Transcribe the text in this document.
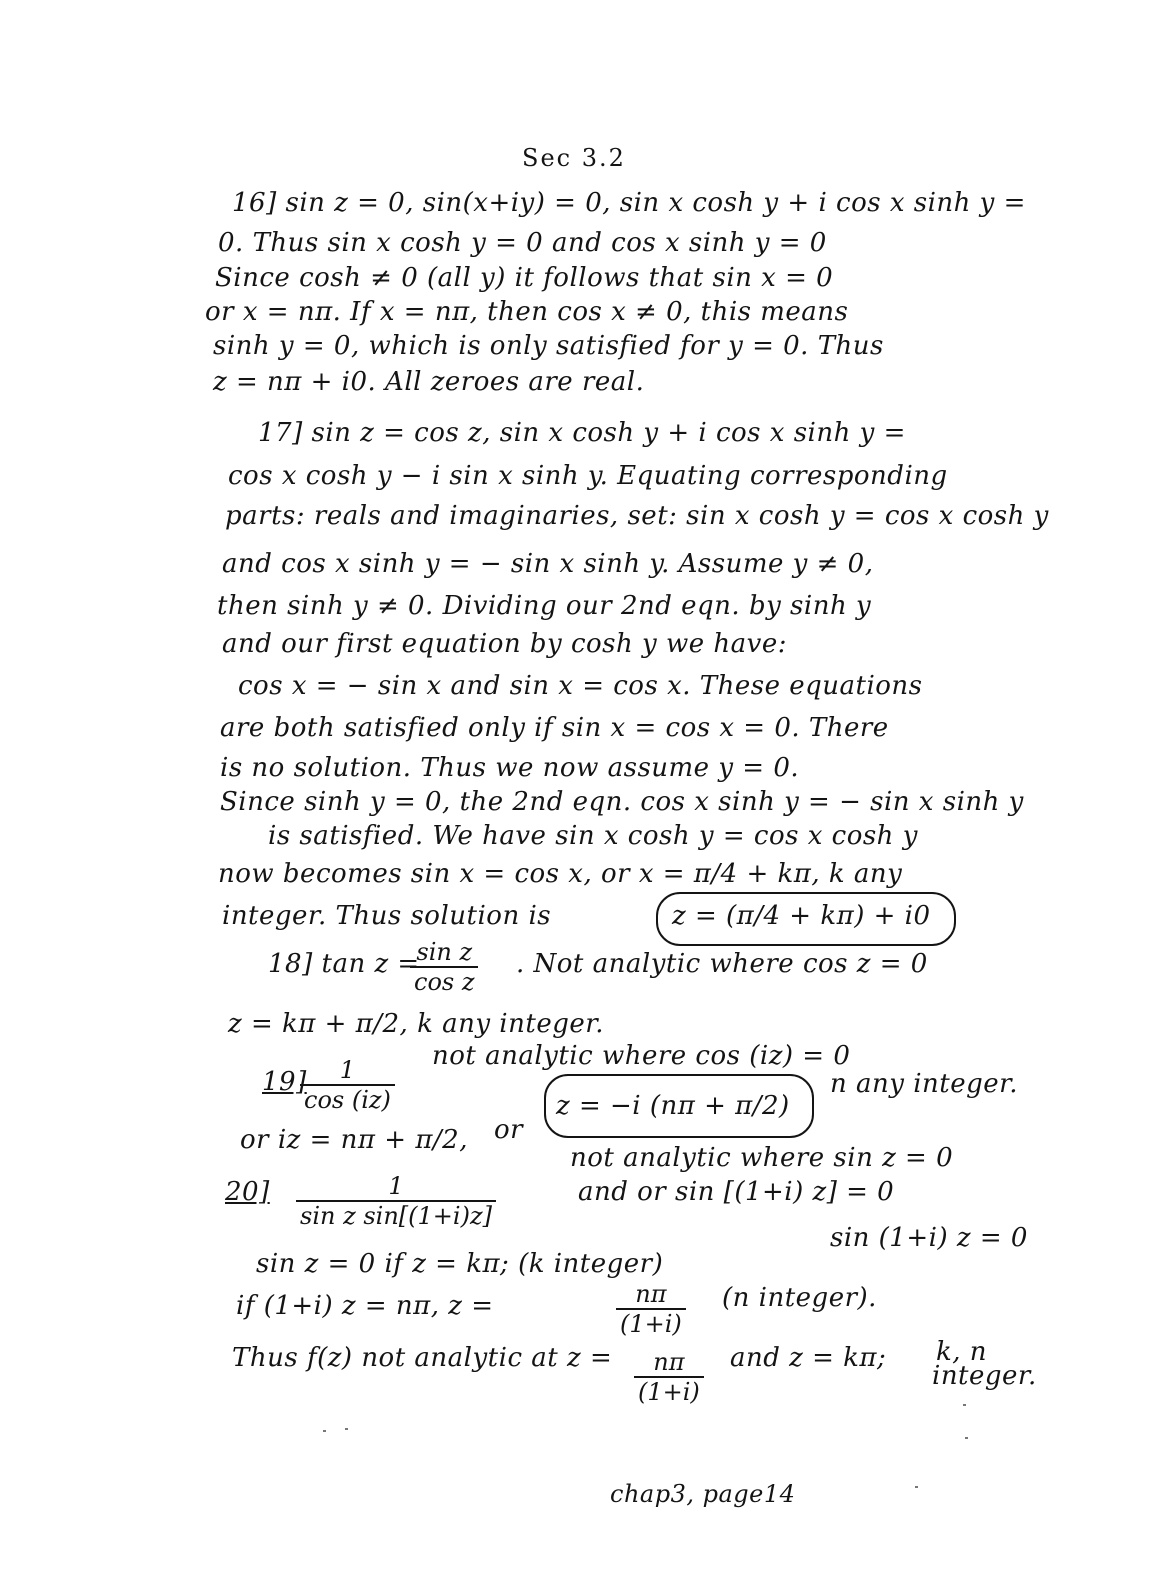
Sec 3.2
16] sin z = 0, sin(x+iy) = 0, sin x cosh y + i cos x sinh y =
0. Thus sin x cosh y = 0 and cos x sinh y = 0
Since cosh ≠ 0 (all y) it follows that sin x = 0
or x = nπ. If x = nπ, then cos x ≠ 0, this means
sinh y = 0, which is only satisfied for y = 0. Thus
z = nπ + i0. All zeroes are real.
17] sin z = cos z, sin x cosh y + i cos x sinh y =
cos x cosh y − i sin x sinh y. Equating corresponding
parts: reals and imaginaries, set: sin x cosh y = cos x cosh y
and cos x sinh y = − sin x sinh y. Assume y ≠ 0,
then sinh y ≠ 0. Dividing our 2nd eqn. by sinh y
and our first equation by cosh y we have:
cos x = − sin x and sin x = cos x. These equations
are both satisfied only if sin x = cos x = 0. There
is no solution. Thus we now assume y = 0.
Since sinh y = 0, the 2nd eqn. cos x sinh y = − sin x sinh y
is satisfied. We have sin x cosh y = cos x cosh y
now becomes sin x = cos x, or x = π/4 + kπ, k any
integer. Thus solution is	z = (π/4 + kπ) + i0
18] tan z =
$\frac{\text{sin z}}{\text{cos z}}$ . Not analytic where cos z = 0
z = kπ + π/2, k any integer.
19]
$\frac{1}{\cos (iz)}$ not analytic where cos (iz) = 0
n any integer.
or iz = nπ + π/2, or
z = −i (nπ + π/2)
not analytic where sin z = 0
$20] \frac{1}{\text{sin z sin[(1+i)z]}}$	and or sin [(1+i) z] = 0
sin z = 0 if z = kπ; (k integer)
sin (1+i) z = 0
if (1+i) z = nπ, z =	$\frac{n\pi}{(1+i)} (n$ integer).
Thus f(z) not analytic at $z = \frac{n\pi}{(1+i)}$ and z = kπ; k, n
integer.
chap3, page14
